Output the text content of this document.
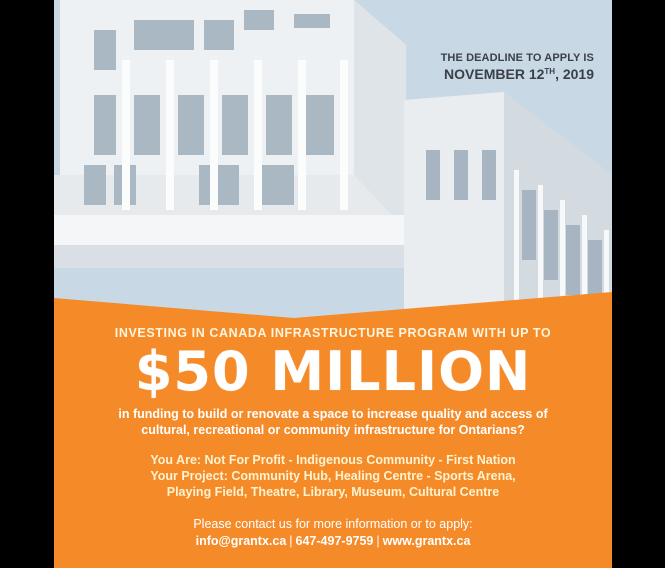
THE DEADLINE TO APPLY IS
NOVEMBER 12TH, 2019
INVESTING IN CANADA INFRASTRUCTURE PROGRAM WITH UP TO
$50 MILLION
in funding to build or renovate a space to increase quality and access of
cultural, recreational or community infrastructure for Ontarians?
You Are: Not For Profit - Indigenous Community - First Nation
Your Project: Community Hub, Healing Centre - Sports Arena,
Playing Field, Theatre, Library, Museum, Cultural Centre
Please contact us for more information or to apply:
info@grantx.ca | 647-497-9759 | www.grantx.ca
